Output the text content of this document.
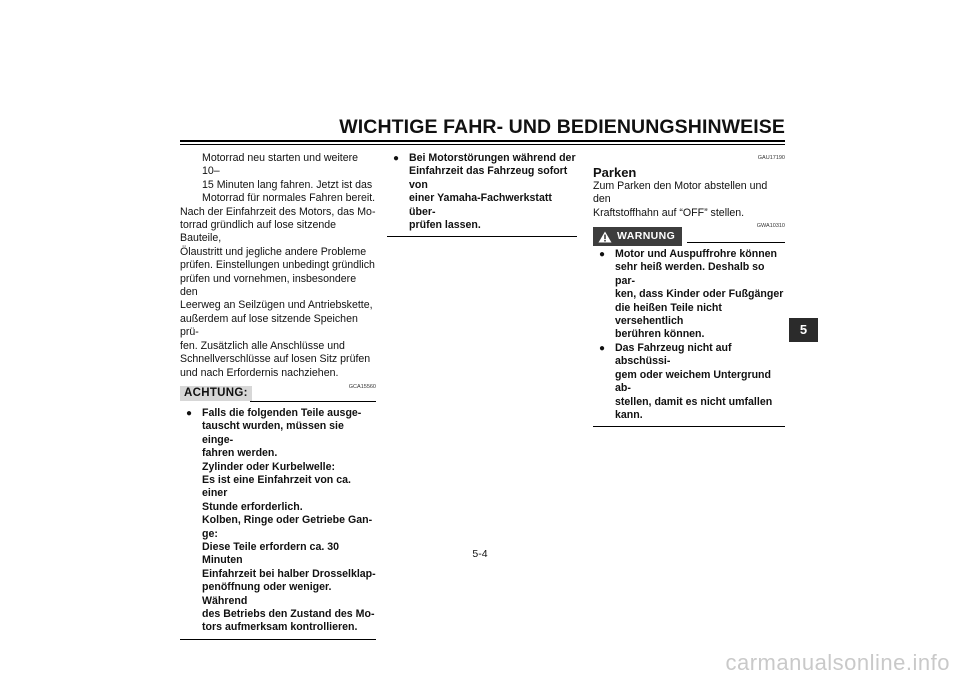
WICHTIGE FAHR- UND BEDIENUNGSHINWEISE

Motorrad neu starten und weitere 10–

15 Minuten lang fahren. Jetzt ist das

Motorrad für normales Fahren bereit.

Nach der Einfahrzeit des Motors, das Mo-

torrad gründlich auf lose sitzende Bauteile,

Ölaustritt und jegliche andere Probleme

prüfen. Einstellungen unbedingt gründlich

prüfen und vornehmen, insbesondere den

Leerweg an Seilzügen und Antriebskette,

außerdem auf lose sitzende Speichen prü-

fen. Zusätzlich alle Anschlüsse und

Schnellverschlüsse auf losen Sitz prüfen

und nach Erfordernis nachziehen.

ACHTUNG:	GCA15560
● Falls die folgenden Teile ausge-

tauscht wurden, müssen sie einge-

fahren werden.

Zylinder oder Kurbelwelle:

Es ist eine Einfahrzeit von ca. einer

Stunde erforderlich.

Kolben, Ringe oder Getriebe Gan-

ge:

Diese Teile erfordern ca. 30 Minuten

Einfahrzeit bei halber Drosselklap-

penöffnung oder weniger. Während

des Betriebs den Zustand des Mo-

tors aufmerksam kontrollieren.

● Bei Motorstörungen während der

Einfahrzeit das Fahrzeug sofort von

einer Yamaha-Fachwerkstatt über-

prüfen lassen.

GAU17190
Parken

Zum Parken den Motor abstellen und den

Kraftstoffhahn auf “OFF” stellen.

GWA10310
WARNUNG
● Motor und Auspuffrohre können

sehr heiß werden. Deshalb so par-

ken, dass Kinder oder Fußgänger

die heißen Teile nicht versehentlich

berühren können.

● Das Fahrzeug nicht auf abschüssi-

gem oder weichem Untergrund ab-

stellen, damit es nicht umfallen

kann.

5
5-4
carmanualsonline.info
